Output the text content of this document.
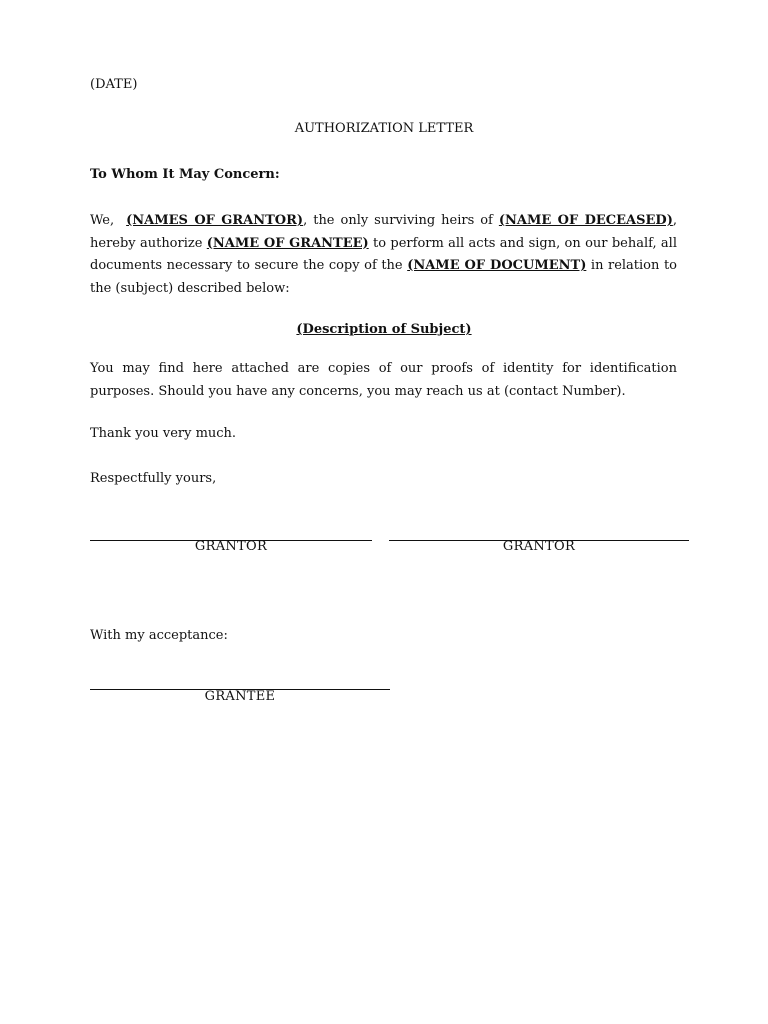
(DATE)
AUTHORIZATION LETTER
To Whom It May Concern:
We, (NAMES OF GRANTOR), the only surviving heirs of (NAME OF DECEASED), hereby authorize (NAME OF GRANTEE) to perform all acts and sign, on our behalf, all documents necessary to secure the copy of the (NAME OF DOCUMENT) in relation to the (subject) described below:
(Description of Subject)
You may find here attached are copies of our proofs of identity for identification purposes. Should you have any concerns, you may reach us at (contact Number).
Thank you very much.
Respectfully yours,
GRANTOR	GRANTOR
With my acceptance:
GRANTEE
